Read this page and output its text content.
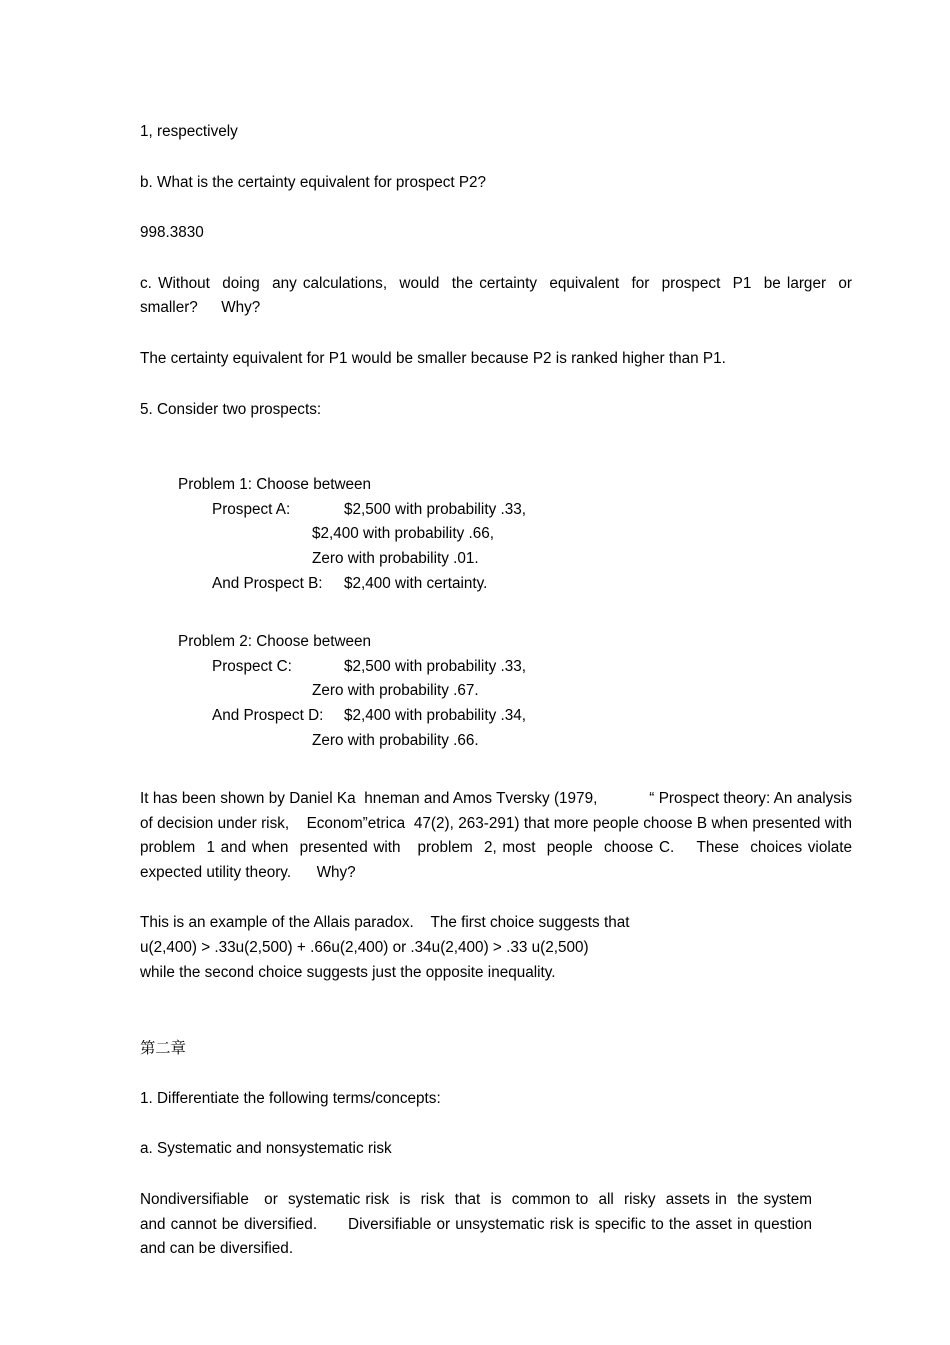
1, respectively

b. What is the certainty equivalent for prospect P2?

998.3830

c. Without  doing  any calculations,  would  the certainty  equivalent  for  prospect  P1  be larger  or smaller?    Why?

The certainty equivalent for P1 would be smaller because P2 is ranked higher than P1.

5. Consider two prospects:

Problem 1: Choose between
Prospect A:	$2,500 with probability .33,
$2,400 with probability .66,
Zero with probability .01.
And Prospect B: $2,400 with certainty.
Problem 2: Choose between
Prospect C:	$2,500 with probability .33,
Zero with probability .67.
And Prospect D: $2,400 with probability .34,
Zero with probability .66.

It has been shown by Daniel Ka  hneman and Amos Tversky (1979,            “ Prospect theory: An analysis of decision under risk,    Econom”etrica  47(2), 263-291) that more people choose B when presented with  problem  1 and when  presented with   problem  2, most  people  choose C.    These  choices violate expected utility theory.      Why?

This is an example of the Allais paradox.    The first choice suggests that
u(2,400) > .33u(2,500) + .66u(2,400) or .34u(2,400) > .33 u(2,500)
while the second choice suggests just the opposite inequality.

第二章

1. Differentiate the following terms/concepts:

a. Systematic and nonsystematic risk

Nondiversifiable   or  systematic risk  is  risk  that  is  common to  all  risky  assets in  the system  and cannot be diversified.      Diversifiable or unsystematic risk is specific to the asset in question and can be diversified.
